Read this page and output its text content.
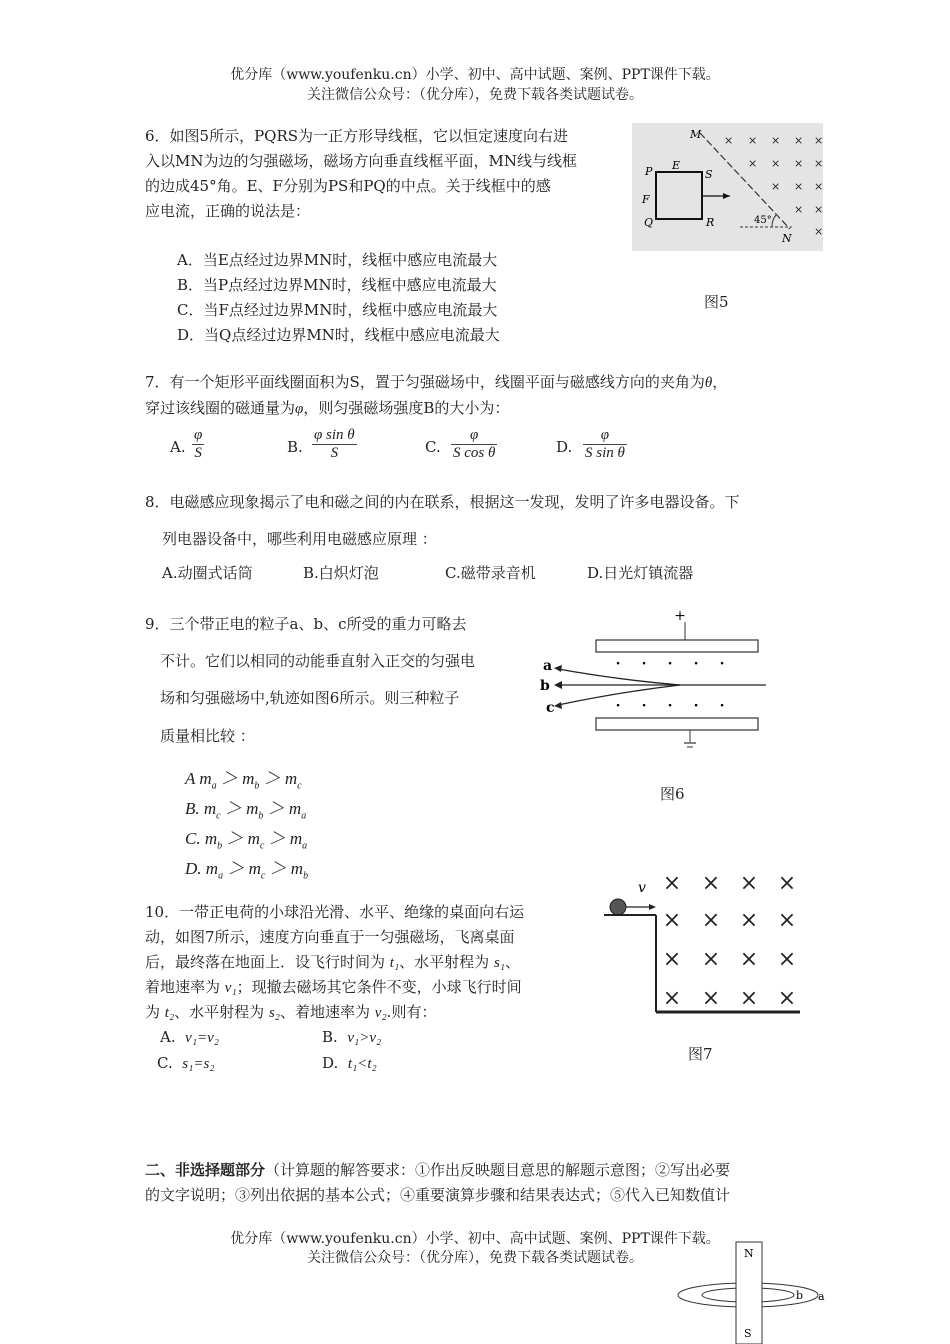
优分库（www.youfenku.cn）小学、初中、高中试题、案例、PPT课件下载。
关注微信公众号：（优分库），免费下载各类试题试卷。
6．如图5所示，PQRS为一正方形导线框，它以恒定速度向右进
入以MN为边的匀强磁场，磁场方向垂直线框平面，MN线与线框
的边成45°角。E、F分别为PS和PQ的中点。关于线框中的感
应电流，正确的说法是：
A．当E点经过边界MN时，线框中感应电流最大
B．当P点经过边界MN时，线框中感应电流最大
C．当F点经过边界MN时，线框中感应电流最大
D．当Q点经过边界MN时，线框中感应电流最大
M
N
P E
S
F
Q	R	45°
× × × × ×
× × × ×
× × ×
× ×
×
图5
7．有一个矩形平面线圈面积为S，置于匀强磁场中，线圈平面与磁感线方向的夹角为θ，
穿过该线圈的磁通量为φ，则匀强磁场强度B的大小为：
A.
φ
S	B.
φ sin θ
S	C.
φ
S cos θ	D.
φ
S sin θ
8．电磁感应现象揭示了电和磁之间的内在联系，根据这一发现，发明了许多电器设备。下
列电器设备中，哪些利用电磁感应原理 ：
A.动圈式话筒	B.白炽灯泡	C.磁带录音机	D.日光灯镇流器
9．三个带正电的粒子a、b、c所受的重力可略去
不计。它们以相同的动能垂直射入正交的匀强电
场和匀强磁场中,轨迹如图6所示。则三种粒子
质量相比较 ：
A $m_a > m_b > m_c$
B. $m_c > m_b > m_a$
C. $m_b > m_c > m_a$
D. $m_a > m_c > m_b$
+
· · · · ·
· · · · ·
a
b
c
图6
10．一带正电荷的小球沿光滑、水平、绝缘的桌面向右运
动，如图7所示，速度方向垂直于一匀强磁场，飞离桌面
后，最终落在地面上．设飞行时间为 t₁、水平射程为 s₁、
着地速率为 v₁；现撤去磁场其它条件不变，小球飞行时间
为 t₂、水平射程为 s₂、着地速率为 v₂.则有：
A. v₁=v₂	B. v₁>v₂
C. s₁=s₂	D. t₁<t₂
v × × × ×
× × × ×
× × × ×
× × × ×
图7
二、非选择题部分（计算题的解答要求：①作出反映题目意思的解题示意图；②写出必要
的文字说明；③列出依据的基本公式；④重要演算步骤和结果表达式；⑤代入已知数值计
优分库（www.youfenku.cn）小学、初中、高中试题、案例、PPT课件下载。
关注微信公众号：（优分库），免费下载各类试题试卷。	N
S
b a
